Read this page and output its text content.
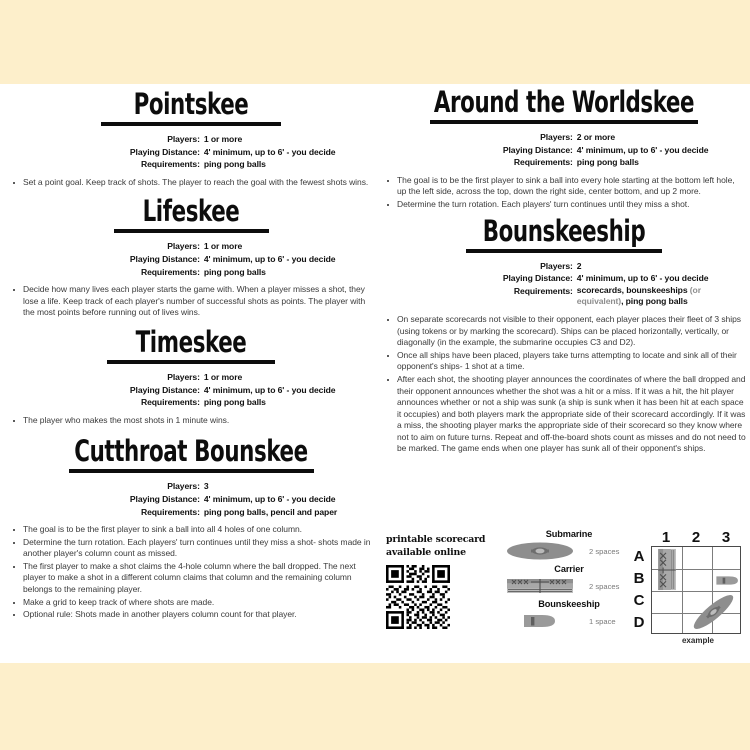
Pointskee
Players: 1 or more
Playing Distance: 4' minimum, up to 6' - you decide
Requirements: ping pong balls
Set a point goal. Keep track of shots. The player to reach the goal with the fewest shots wins.
Lifeskee
Players: 1 or more
Playing Distance: 4' minimum, up to 6' - you decide
Requirements: ping pong balls
Decide how many lives each player starts the game with. When a player misses a shot, they lose a life. Keep track of each player's number of successful shots as points. The player with the most points before running out of lives wins.
Timeskee
Players: 1 or more
Playing Distance: 4' minimum, up to 6' - you decide
Requirements: ping pong balls
The player who makes the most shots in 1 minute wins.
Cutthroat Bounskee
Players: 3
Playing Distance: 4' minimum, up to 6' - you decide
Requirements: ping pong balls, pencil and paper
The goal is to be the first player to sink a ball into all 4 holes of one column.
Determine the turn rotation. Each players' turn continues until they miss a shot- shots made in another player's column count as missed.
The first player to make a shot claims the 4-hole column where the ball dropped. The next player to make a shot in a different column claims that column and the remaining column belongs to the remaining player.
Make a grid to keep track of where shots are made.
Optional rule: Shots made in another players column count for that player.
Around the Worldskee
Players: 2 or more
Playing Distance: 4' minimum, up to 6' - you decide
Requirements: ping pong balls
The goal is to be the first player to sink a ball into every hole starting at the bottom left hole, up the left side, across the top, down the right side, center bottom, and up 2 more.
Determine the turn rotation. Each players' turn continues until they miss a shot.
Bounskeeship
Players: 2
Playing Distance: 4' minimum, up to 6' - you decide
Requirements: scorecards, bounskeeships (or equivalent), ping pong balls
On separate scorecards not visible to their opponent, each player places their fleet of 3 ships (using tokens or by marking the scorecard). Ships can be placed horizontally, vertically, or diagonally (in the example, the submarine occupies C3 and D2).
Once all ships have been placed, players take turns attempting to locate and sink all of their opponent's ships- 1 shot at a time.
After each shot, the shooting player announces the coordinates of where the ball dropped and their opponent announces whether the shot was a hit or a miss. If it was a hit, the hit player announces whether or not a ship was sunk (a ship is sunk when it has been hit at each space it occupies) and both players mark the appropriate side of their scorecard accordingly. If it was a miss, the shooting player marks the appropriate side of their scorecard so they know where not to aim on future turns. Repeat and off-the-board shots count as misses and do not need to be marked. The game ends when one player has sunk all of their opponent's ships.
printable scorecard
available online
Submarine
2 spaces
Carrier
2 spaces
Bounskeeship
1 space
1	2	3
A
B
C
D
example
